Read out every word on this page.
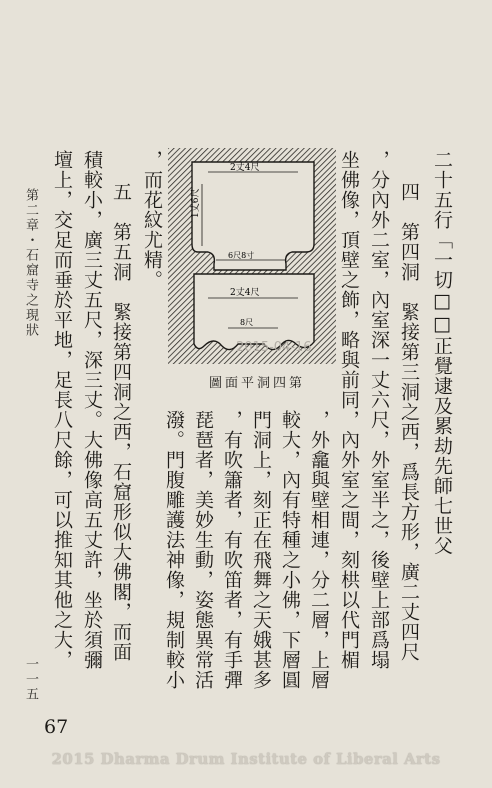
二十五行「一切□□正覺逮及累劫先師七世父
四　第四洞　緊接第三洞之西，爲長方形，廣二丈四尺
，分內外二室，內室深一丈六尺，外室半之，後壁上部爲塌
坐佛像，頂壁之飾，略與前同，內外室之間，刻栱以代門楣
，外龕與壁相連，分二層，上層
較大，內有特種之小佛，下層圓
門洞上，刻正在飛舞之天娥甚多
，有吹簫者，有吹笛者，有手彈
琵琶者，美妙生動，姿態異常活
潑。門腹雕護法神像，規制較小
，而花紋尤精。
五　第五洞　緊接第四洞之西，石窟形似大佛閣，而面
積較小，廣三丈五尺，深三丈。大佛像高五丈許，坐於須彌
壇上，交足而垂於平地，足長八尺餘，可以推知其他之大，
第二章・石窟寺之現狀
一一五
2丈4尺
1丈6尺
6尺8寸
2丈4尺
8尺
2015-04-16
第四洞平面圖
67
2015 Dharma Drum Institute of Liberal Arts
